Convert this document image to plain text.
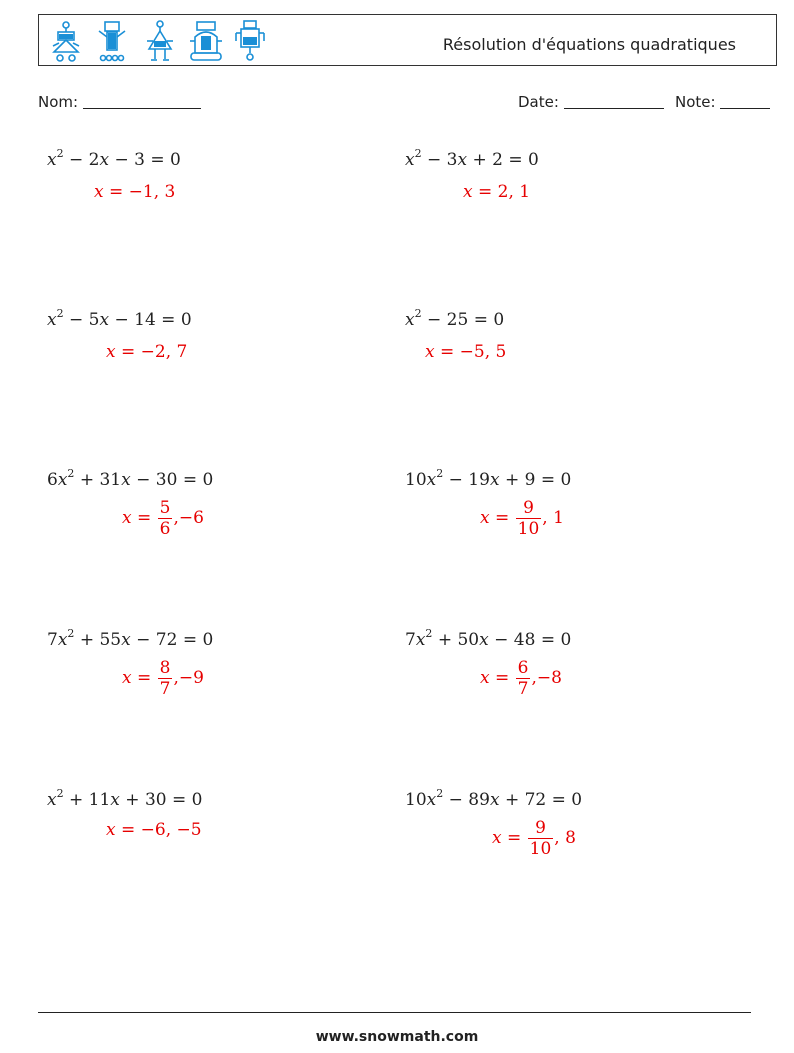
Résolution d'équations quadratiques
Nom:	Date:	Note:
$x^2 - 2x - 3 = 0$
x = −1, 3
$x^2 - 3x + 2 = 0$
x = 2, 1
$x^2 - 5x - 14 = 0$
x = −2, 7
$x^2 - 25 = 0$
x = −5, 5
$6x^2 + 31x - 30 = 0$
$x = \frac{5}{6} ,-6$
$10x^2 - 19x + 9 = 0$
$x = \frac{9}{10}$ , 1
$7x^2 + 55x - 72 = 0$
$x = \frac{8}{7} ,-9$
$7x^2 + 50x - 48 = 0$
$x = \frac{6}{7} ,-8$
$x^2 + 11x + 30 = 0$
x = −6, −5
$10x^2 - 89x + 72 = 0$
$x = \frac{9}{10}$ , 8
www.snowmath.com
